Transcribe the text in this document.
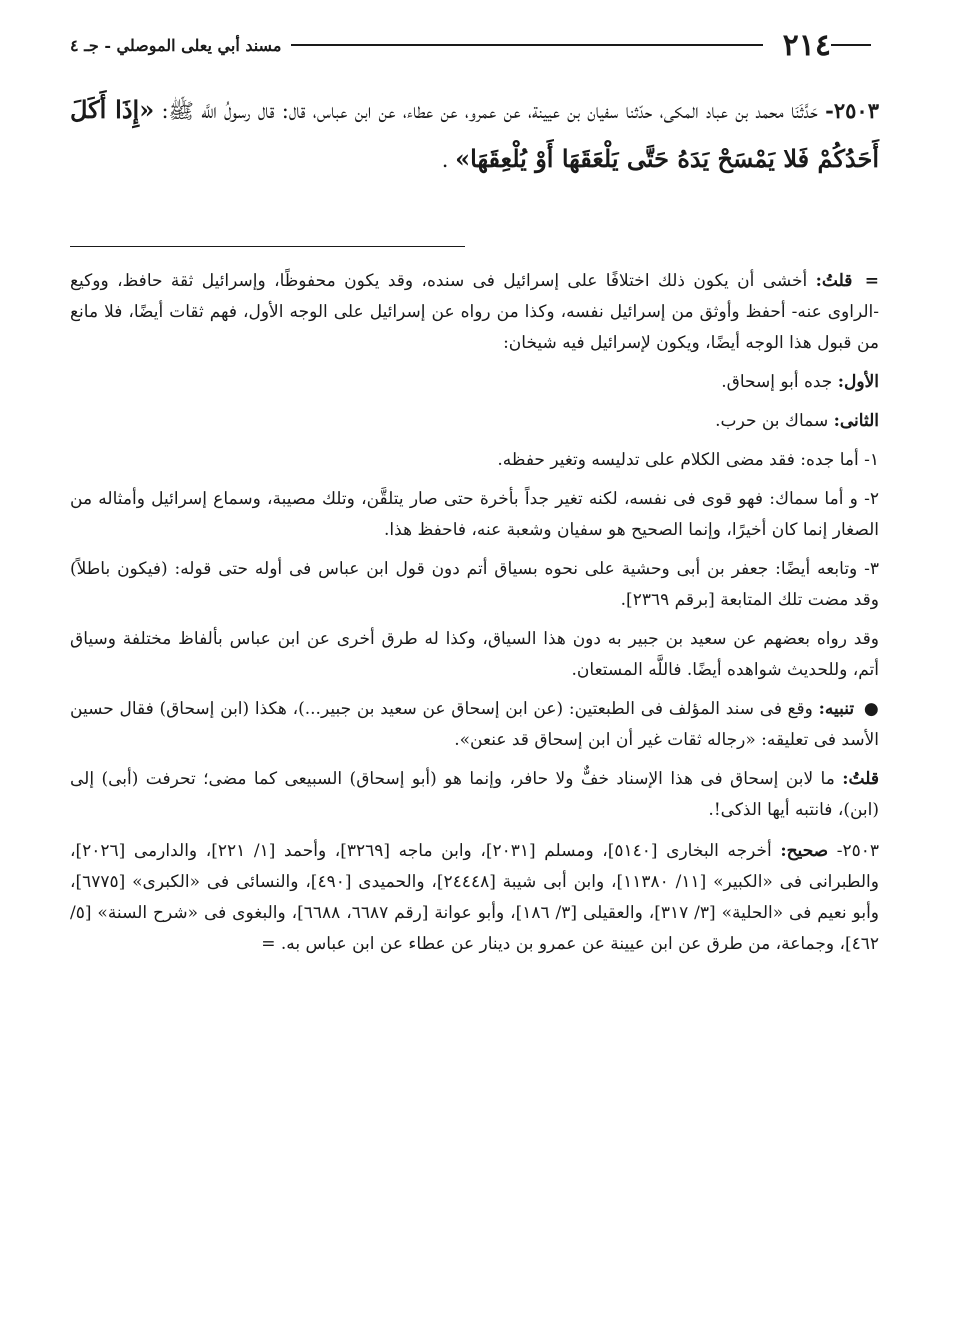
٢١٤
مسند أبي يعلى الموصلي - جـ ٤
٢٥٠٣- حَدَّثَنَا محمد بن عباد المكى، حدّثنا سفيان بن عيينة، عن عمرو، عن عطاء، عن ابن عباس، قال: قال رسولُ اللَّه ﷺ: «إِذَا أَكَلَ أَحَدُكُمْ فَلا يَمْسَحْ يَدَهُ حَتَّى يَلْعَقَهَا أَوْ يُلْعِقَهَا» .

= قلتُ: أخشى أن يكون ذلك اختلافًا على إسرائيل فى سنده، وقد يكون محفوظًا، وإسرائيل ثقة حافظ، ووكيع -الراوى عنه- أحفظ وأوثق من إسرائيل نفسه، وكذا من رواه عن إسرائيل على الوجه الأول، فهم ثقات أيضًا، فلا مانع من قبول هذا الوجه أيضًا، ويكون لإسرائيل فيه شيخان:

الأول: جده أبو إسحاق.

الثانى: سماك بن حرب.

١- أما جده: فقد مضى الكلام على تدليسه وتغير حفظه.

٢- و أما سماك: فهو قوى فى نفسه، لكنه تغير جداً بأخرة حتى صار يتلقَّن، وتلك مصيبة، وسماع إسرائيل وأمثاله من الصغار إنما كان أخيرًا، وإنما الصحيح هو سفيان وشعبة عنه، فاحفظ هذا.

٣- وتابعه أيضًا: جعفر بن أبى وحشية على نحوه بسياق أتم دون قول ابن عباس فى أوله حتى قوله: (فيكون باطلاً) وقد مضت تلك المتابعة [برقم ٢٣٦٩].

وقد رواه بعضهم عن سعيد بن جبير به دون هذا السياق، وكذا له طرق أخرى عن ابن عباس بألفاظ مختلفة وسياق أتم، وللحديث شواهده أيضًا. فاللَّه المستعان.

● تنبيه: وقع فى سند المؤلف فى الطبعتين: (عن ابن إسحاق عن سعيد بن جبير...)، هكذا (ابن إسحاق) فقال حسين الأسد فى تعليقه: «رجاله ثقات غير أن ابن إسحاق قد عنعن».

قلتُ: ما لابن إسحاق فى هذا الإسناد خفٌّ ولا حافر، وإنما هو (أبو إسحاق) السبيعى كما مضى؛ تحرفت (أبى) إلى (ابن)، فانتبه أيها الذكى!.

٢٥٠٣- صحيح: أخرجه البخارى [٥١٤٠]، ومسلم [٢٠٣١]، وابن ماجه [٣٢٦٩]، وأحمد [١/ ٢٢١]، والدارمى [٢٠٢٦]، والطبرانى فى «الكبير» [١١/ ١١٣٨٠]، وابن أبى شيبة [٢٤٤٤٨]، والحميدى [٤٩٠]، والنسائى فى «الكبرى» [٦٧٧٥]، وأبو نعيم فى «الحلية» [٣/ ٣١٧]، والعقيلى [٣/ ١٨٦]، وأبو عوانة [رقم ٦٦٨٧، ٦٦٨٨]، والبغوى فى «شرح السنة» [٥/ ٤٦٢]، وجماعة، من طرق عن ابن عيينة عن عمرو بن دينار عن عطاء عن ابن عباس به. =
